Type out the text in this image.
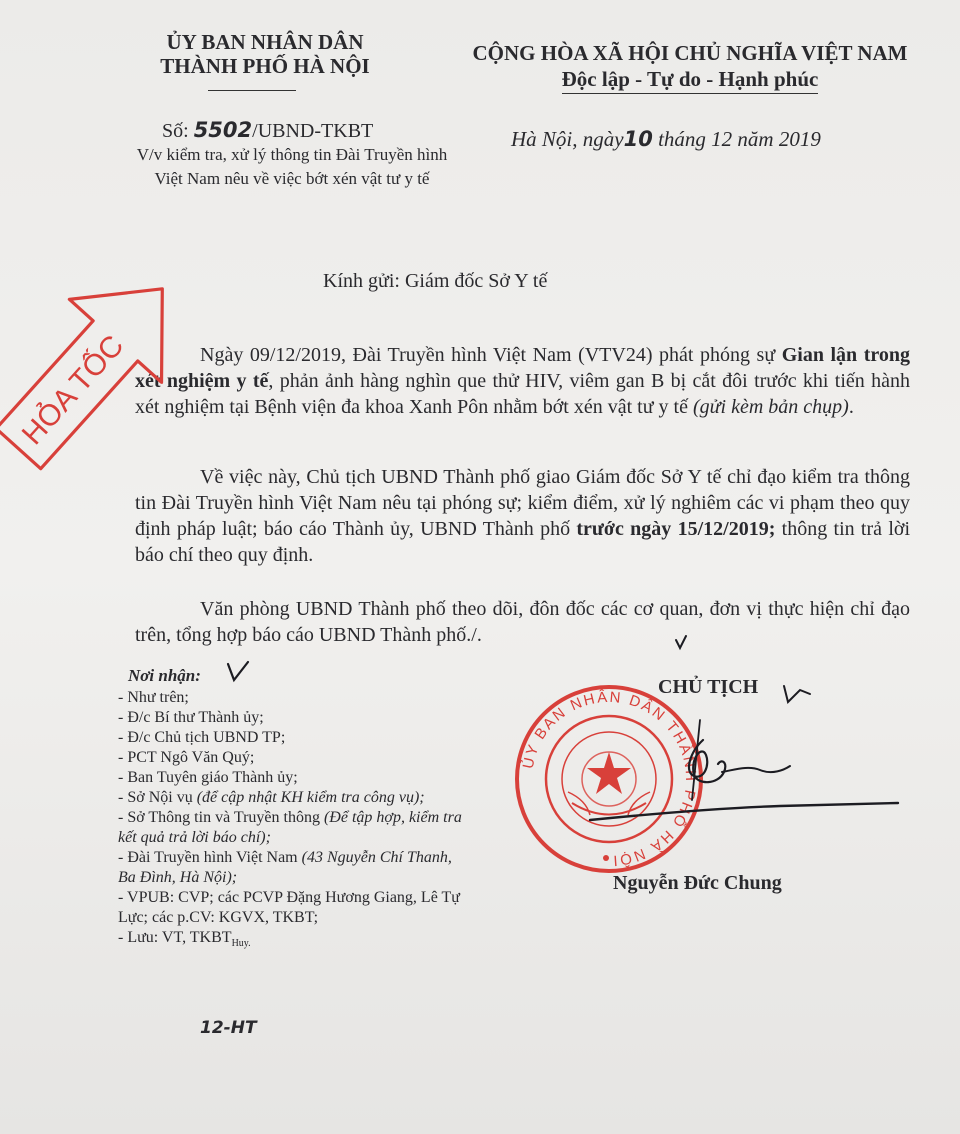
ỦY BAN NHÂN DÂN
THÀNH PHỐ HÀ NỘI
CỘNG HÒA XÃ HỘI CHỦ NGHĨA VIỆT NAM
Độc lập - Tự do - Hạnh phúc
Số: 5502/UBND-TKBT
V/v kiểm tra, xử lý thông tin Đài Truyền hình Việt Nam nêu về việc bớt xén vật tư y tế
Hà Nội, ngày10 tháng 12 năm 2019
Kính gửi: Giám đốc Sở Y tế
Ngày 09/12/2019, Đài Truyền hình Việt Nam (VTV24) phát phóng sự Gian lận trong xét nghiệm y tế, phản ảnh hàng nghìn que thử HIV, viêm gan B bị cắt đôi trước khi tiến hành xét nghiệm tại Bệnh viện đa khoa Xanh Pôn nhằm bớt xén vật tư y tế (gửi kèm bản chụp).
Về việc này, Chủ tịch UBND Thành phố giao Giám đốc Sở Y tế chỉ đạo kiểm tra thông tin Đài Truyền hình Việt Nam nêu tại phóng sự; kiểm điểm, xử lý nghiêm các vi phạm theo quy định pháp luật; báo cáo Thành ủy, UBND Thành phố trước ngày 15/12/2019; thông tin trả lời báo chí theo quy định.
Văn phòng UBND Thành phố theo dõi, đôn đốc các cơ quan, đơn vị thực hiện chỉ đạo trên, tổng hợp báo cáo UBND Thành phố./.
Nơi nhận:
- Như trên;
- Đ/c Bí thư Thành ủy;
- Đ/c Chủ tịch UBND TP;
- PCT Ngô Văn Quý;
- Ban Tuyên giáo Thành ủy;
- Sở Nội vụ (để cập nhật KH kiểm tra công vụ);
- Sở Thông tin và Truyền thông (Để tập hợp, kiểm tra kết quả trả lời báo chí);
- Đài Truyền hình Việt Nam (43 Nguyễn Chí Thanh, Ba Đình, Hà Nội);
- VPUB: CVP; các PCVP Đặng Hương Giang, Lê Tự Lực; các p.CV: KGVX, TKBT;
- Lưu: VT, $TKBT_{Huy.}$
CHỦ TỊCH
Nguyễn Đức Chung
12-HT
HỎA TỐC
ỦY BAN NHÂN DÂN THÀNH PHỐ HÀ NỘI
